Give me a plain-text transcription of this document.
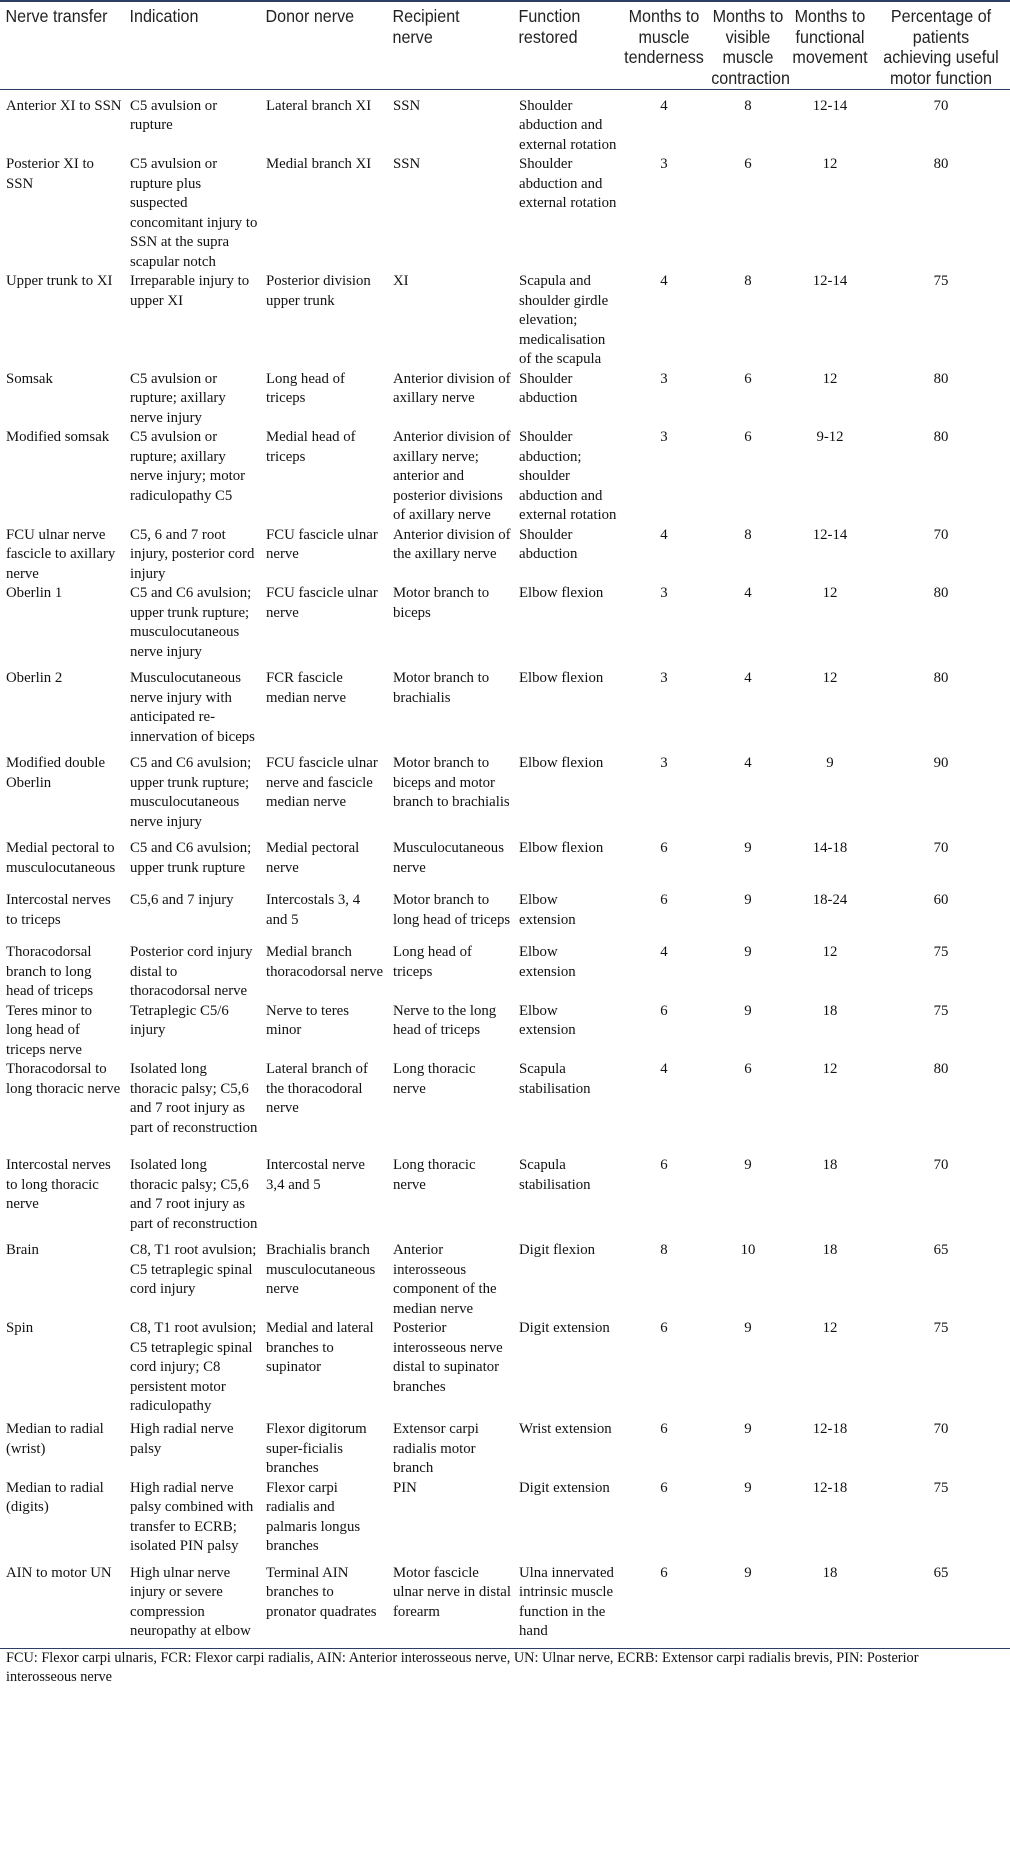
Nerve transfer	Indication	Donor nerve	Recipient nerve	Function restored	Months to muscle tenderness	Months to visible muscle contraction	Months to functional movement	Percentage of patients achieving useful motor function
Anterior XI to SSN	C5 avulsion or rupture	Lateral branch XI	SSN	Shoulder abduction and external rotation	4	8	12-14	70
Posterior XI to SSN	C5 avulsion or rupture plus suspected concomitant injury to SSN at the supra scapular notch	Medial branch XI	SSN	Shoulder abduction and external rotation	3	6	12	80
Upper trunk to XI	Irreparable injury to upper XI	Posterior division upper trunk	XI	Scapula and shoulder girdle elevation; medicalisation of the scapula	4	8	12-14	75
Somsak	C5 avulsion or rupture; axillary nerve injury	Long head of triceps	Anterior division of axillary nerve	Shoulder abduction	3	6	12	80
Modified somsak	C5 avulsion or rupture; axillary nerve injury; motor radiculopathy C5	Medial head of triceps	Anterior division of axillary nerve; anterior and posterior divisions of axillary nerve	Shoulder abduction; shoulder abduction and external rotation	3	6	9-12	80
FCU ulnar nerve fascicle to axillary nerve	C5, 6 and 7 root injury, posterior cord injury	FCU fascicle ulnar nerve	Anterior division of the axillary nerve	Shoulder abduction	4	8	12-14	70
Oberlin 1	C5 and C6 avulsion; upper trunk rupture; musculocutaneous nerve injury	FCU fascicle ulnar nerve	Motor branch to biceps	Elbow flexion	3	4	12	80
Oberlin 2	Musculocutaneous nerve injury with anticipated re-innervation of biceps	FCR fascicle median nerve	Motor branch to brachialis	Elbow flexion	3	4	12	80
Modified double Oberlin	C5 and C6 avulsion; upper trunk rupture; musculocutaneous nerve injury	FCU fascicle ulnar nerve and fascicle median nerve	Motor branch to biceps and motor branch to brachialis	Elbow flexion	3	4	9	90
Medial pectoral to musculocutaneous	C5 and C6 avulsion; upper trunk rupture	Medial pectoral nerve	Musculocutaneous nerve	Elbow flexion	6	9	14-18	70
Intercostal nerves to triceps	C5,6 and 7 injury	Intercostals 3, 4 and 5	Motor branch to long head of triceps	Elbow extension	6	9	18-24	60
Thoracodorsal branch to long head of triceps	Posterior cord injury distal to thoracodorsal nerve	Medial branch thoracodorsal nerve	Long head of triceps	Elbow extension	4	9	12	75
Teres minor to long head of triceps nerve	Tetraplegic C5/6 injury	Nerve to teres minor	Nerve to the long head of triceps	Elbow extension	6	9	18	75
Thoracodorsal to long thoracic nerve	Isolated long thoracic palsy; C5,6 and 7 root injury as part of reconstruction	Lateral branch of the thoracodoral nerve	Long thoracic nerve	Scapula stabilisation	4	6	12	80
Intercostal nerves to long thoracic nerve	Isolated long thoracic palsy; C5,6 and 7 root injury as part of reconstruction	Intercostal nerve 3,4 and 5	Long thoracic nerve	Scapula stabilisation	6	9	18	70
Brain	C8, T1 root avulsion; C5 tetraplegic spinal cord injury	Brachialis branch musculocutaneous nerve	Anterior interosseous component of the median nerve	Digit flexion	8	10	18	65
Spin	C8, T1 root avulsion; C5 tetraplegic spinal cord injury; C8 persistent motor radiculopathy	Medial and lateral branches to supinator	Posterior interosseous nerve distal to supinator branches	Digit extension	6	9	12	75
Median to radial (wrist)	High radial nerve palsy	Flexor digitorum super-ficialis branches	Extensor carpi radialis motor branch	Wrist extension	6	9	12-18	70
Median to radial (digits)	High radial nerve palsy combined with transfer to ECRB; isolated PIN palsy	Flexor carpi radialis and palmaris longus branches	PIN	Digit extension	6	9	12-18	75
AIN to motor UN	High ulnar nerve injury or severe compression neuropathy at elbow	Terminal AIN branches to pronator quadrates	Motor fascicle ulnar nerve in distal forearm	Ulna innervated intrinsic muscle function in the hand	6	9	18	65
FCU: Flexor carpi ulnaris, FCR: Flexor carpi radialis, AIN: Anterior interosseous nerve, UN: Ulnar nerve, ECRB: Extensor carpi radialis brevis, PIN: Posterior interosseous nerve
